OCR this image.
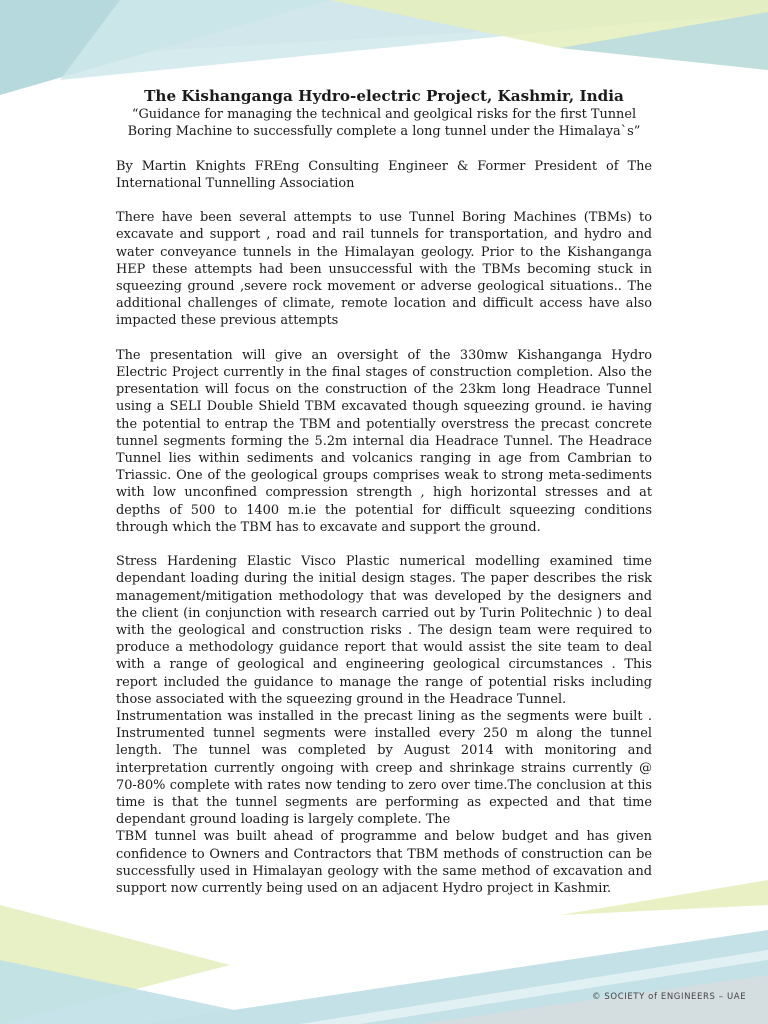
The Kishanganga Hydro-electric Project, Kashmir, India

“Guidance for managing the technical and geolgical risks for the first Tunnel

Boring Machine to successfully complete a long tunnel under the Himalaya`s”

By Martin Knights FREng Consulting Engineer & Former President of The International Tunnelling Association

There have been several attempts to use Tunnel Boring Machines (TBMs) to excavate and support , road and rail tunnels for transportation, and hydro and water conveyance tunnels in the Himalayan geology. Prior to the Kishanganga HEP these attempts had been unsuccessful with the TBMs becoming stuck in squeezing ground ,severe rock movement or adverse geological situations.. The additional challenges of climate, remote location and difficult access have also impacted these previous attempts

The presentation will give an oversight of the 330mw Kishanganga Hydro Electric Project currently in the final stages of construction completion. Also the presentation will focus on the construction of the 23km long Headrace Tunnel using a SELI Double Shield TBM excavated though squeezing ground. ie having the potential to entrap the TBM and potentially overstress the precast concrete tunnel segments forming the 5.2m internal dia Headrace Tunnel. The Headrace Tunnel lies within sediments and volcanics ranging in age from Cambrian to Triassic. One of the geological groups comprises weak to strong meta-sediments with low unconfined compression strength , high horizontal stresses and at depths of 500 to 1400 m.ie the potential for difficult squeezing conditions through which the TBM has to excavate and support the ground.

Stress Hardening Elastic Visco Plastic numerical modelling examined time dependant loading during the initial design stages. The paper describes the risk management/mitigation methodology that was developed by the designers and the client (in conjunction with research carried out by Turin Politechnic ) to deal with the geological and construction risks . The design team were required to produce a methodology guidance report that would assist the site team to deal with a range of geological and engineering geological circumstances . This report included the guidance to manage the range of potential risks including those associated with the squeezing ground in the Headrace Tunnel.

Instrumentation was installed in the precast lining as the segments were built . Instrumented tunnel segments were installed every 250 m along the tunnel length. The tunnel was completed by August 2014 with monitoring and interpretation currently ongoing with creep and shrinkage strains currently @ 70-80% complete with rates now tending to zero over time.The conclusion at this time is that the tunnel segments are performing as expected and that time dependant ground loading is largely complete. The

TBM tunnel was built ahead of programme and below budget and has given confidence to Owners and Contractors that TBM methods of construction can be successfully used in Himalayan geology with the same method of excavation and support now currently being used on an adjacent Hydro project in Kashmir.

© SOCIETY of ENGINEERS – UAE
